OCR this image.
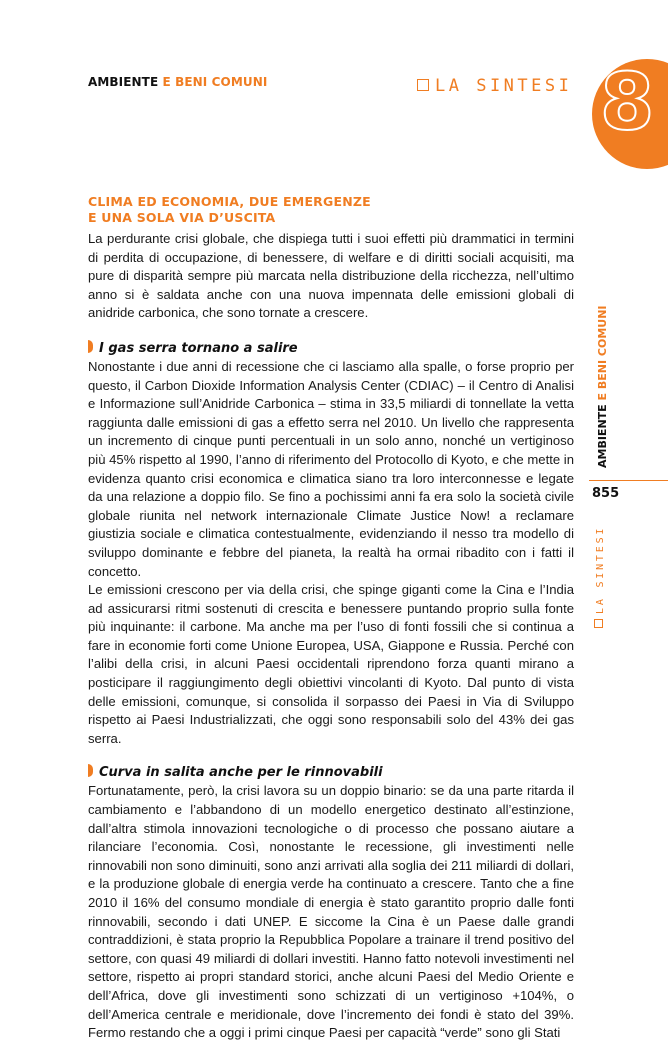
AMBIENTE E BENI COMUNI	LA SINTESI 8
AMBIENTE E BENI COMUNI
855
LA SINTESI
CLIMA ED ECONOMIA, DUE EMERGENZE
E UNA SOLA VIA D’USCITA

La perdurante crisi globale, che dispiega tutti i suoi effetti più drammatici in termini di perdita di occupazione, di benessere, di welfare e di diritti sociali acquisiti, ma pure di disparità sempre più marcata nella distribuzione della ricchezza, nell’ultimo anno si è saldata anche con una nuova impennata delle emissioni globali di anidride carbonica, che sono tornate a crescere.

I gas serra tornano a salire

Nonostante i due anni di recessione che ci lasciamo alla spalle, o forse proprio per questo, il Carbon Dioxide Information Analysis Center (CDIAC) – il Centro di Analisi e Informazione sull’Anidride Carbonica – stima in 33,5 miliardi di tonnellate la vetta raggiunta dalle emissioni di gas a effetto serra nel 2010. Un livello che rappresenta un incremento di cinque punti percentuali in un solo anno, nonché un vertiginoso più 45% rispetto al 1990, l’anno di riferimento del Protocollo di Kyoto, e che mette in evidenza quanto crisi economica e climatica siano tra loro interconnesse e legate da una relazione a doppio filo. Se fino a pochissimi anni fa era solo la società civile globale riunita nel network internazionale Climate Justice Now! a reclamare giustizia sociale e climatica contestualmente, evidenziando il nesso tra modello di sviluppo dominante e febbre del pianeta, la realtà ha ormai ribadito con i fatti il concetto.

Le emissioni crescono per via della crisi, che spinge giganti come la Cina e l’India ad assicurarsi ritmi sostenuti di crescita e benessere puntando proprio sulla fonte più inquinante: il carbone. Ma anche ma per l’uso di fonti fossili che si continua a fare in economie forti come Unione Europea, USA, Giappone e Russia. Perché con l’alibi della crisi, in alcuni Paesi occidentali riprendono forza quanti mirano a posticipare il raggiungimento degli obiettivi vincolanti di Kyoto. Dal punto di vista delle emissioni, comunque, si consolida il sorpasso dei Paesi in Via di Sviluppo rispetto ai Paesi Industrializzati, che oggi sono responsabili solo del 43% dei gas serra.

Curva in salita anche per le rinnovabili

Fortunatamente, però, la crisi lavora su un doppio binario: se da una parte ritarda il cambiamento e l’abbandono di un modello energetico destinato all’estinzione, dall’altra stimola innovazioni tecnologiche o di processo che possano aiutare a rilanciare l’economia. Così, nonostante le recessione, gli investimenti nelle rinnovabili non sono diminuiti, sono anzi arrivati alla soglia dei 211 miliardi di dollari, e la produzione globale di energia verde ha continuato a crescere. Tanto che a fine 2010 il 16% del consumo mondiale di energia è stato garantito proprio dalle fonti rinnovabili, secondo i dati UNEP. E siccome la Cina è un Paese dalle grandi contraddizioni, è stata proprio la Repubblica Popolare a trainare il trend positivo del settore, con quasi 49 miliardi di dollari investiti. Hanno fatto notevoli investimenti nel settore, rispetto ai propri standard storici, anche alcuni Paesi del Medio Oriente e dell’Africa, dove gli investimenti sono schizzati di un vertiginoso +104%, o dell’America centrale e meridionale, dove l’incremento dei fondi è stato del 39%. Fermo restando che a oggi i primi cinque Paesi per capacità “verde” sono gli Stati
